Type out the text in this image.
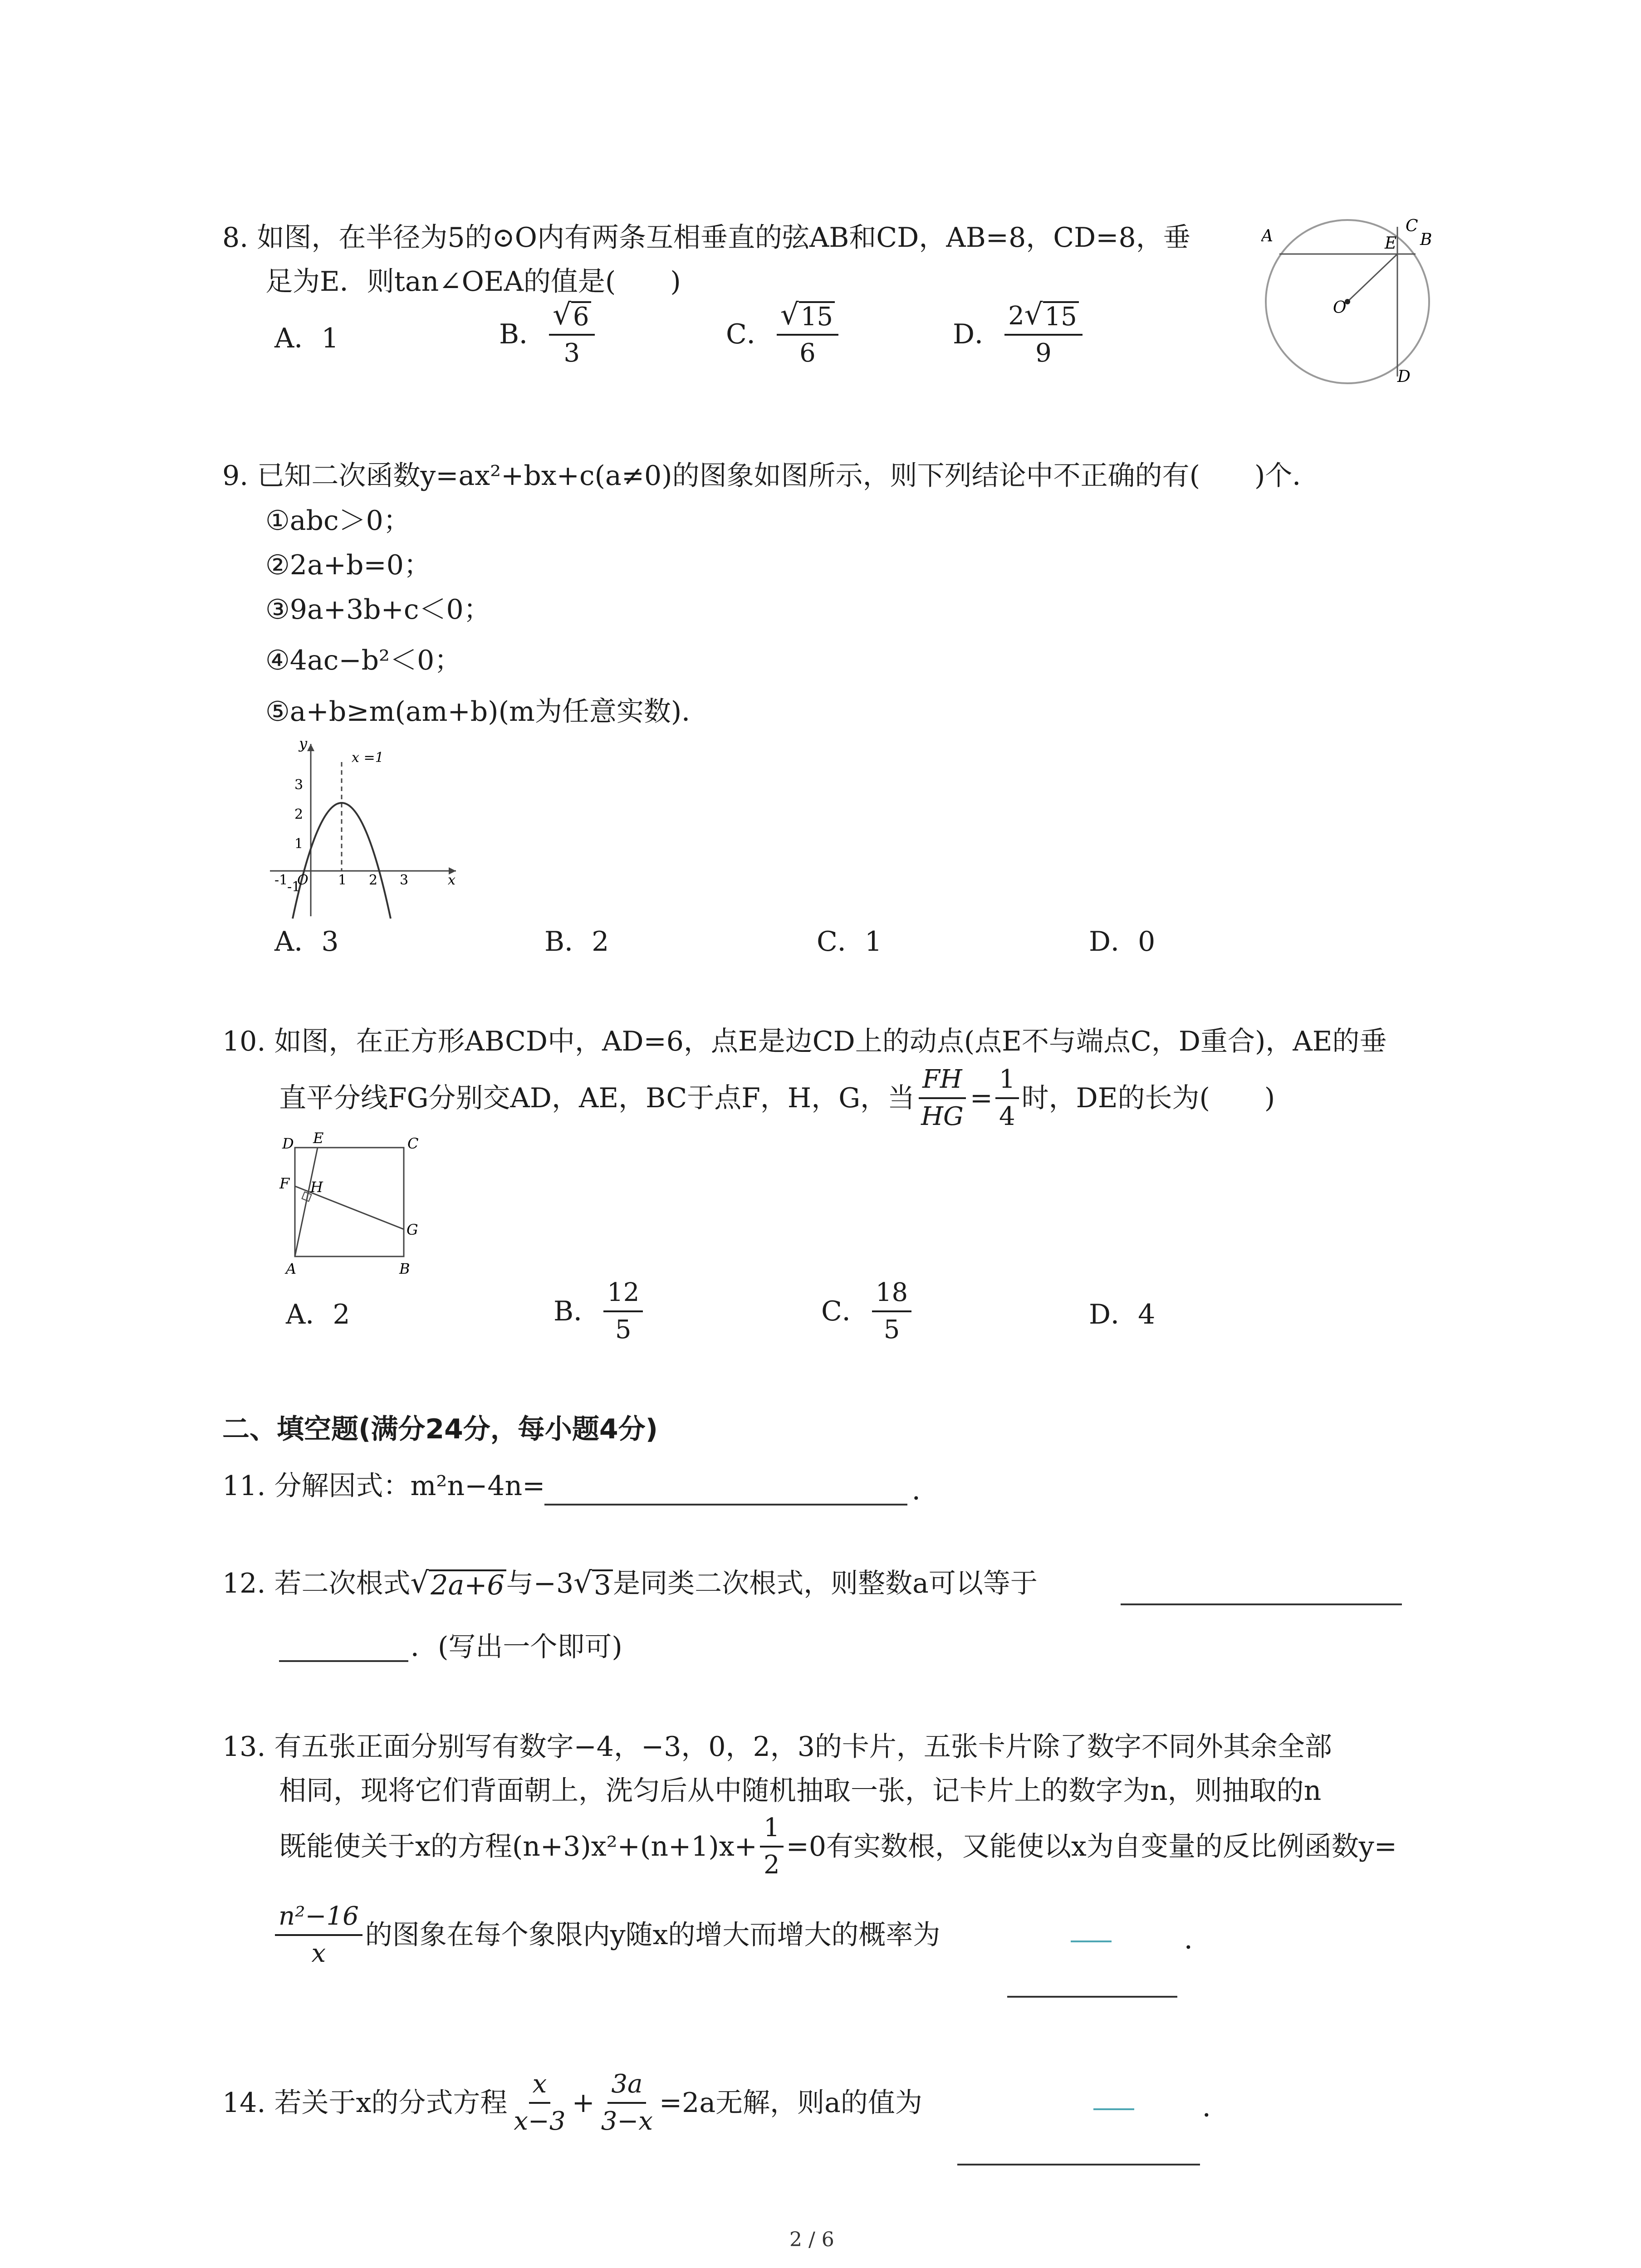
8. 如图，在半径为5的⊙O内有两条互相垂直的弦AB和CD，AB=8，CD=8，垂
足为E．则tan∠OEA的值是(　　)
A．1	B． $\frac{√ 6}{3}$	C． $\frac{√ 15}{6}$	D． $\frac{2 √ 15}{9}$
A	E
C
B
O
D
9. 已知二次函数y=ax²+bx+c(a≠0)的图象如图所示，则下列结论中不正确的有(　　)个．
①abc＞0；
②2a+b=0；
③9a+3b+c＜0；
④4ac−b²＜0；
⑤a+b≥m(am+b)(m为任意实数)．
y
x =1
3
2
1
-1
O
-1	1 2 3	x
A．3	B．2	C．1	D．0
10. 如图，在正方形ABCD中，AD=6，点E是边CD上的动点(点E不与端点C，D重合)，AE的垂
直平分线FG分别交AD，AE，BC于点F，H，G，当 $\frac{FH}{HG} = \frac{1}{4}$ 时，DE的长为(　　)
D E	C
F H
G
A	B
A．2	B． $\frac{12}{5}$	C． $\frac{18}{5}$	D．4
二、填空题(满分24分，每小题4分)
11. 分解因式：m²n−4n=	．
12. 若二次根式 √ 2a+6 与−3 √ 3 是同类二次根式，则整数a可以等于
．(写出一个即可)
13. 有五张正面分别写有数字−4，−3，0，2，3的卡片，五张卡片除了数字不同外其余全部
相同，现将它们背面朝上，洗匀后从中随机抽取一张，记卡片上的数字为n，则抽取的n
既能使关于x的方程$(n+3)x^2+(n+1)x+ \frac{1}{2} =0$有实数根，又能使以x为自变量的反比例函数y=
$\frac{\text{n²−16}}{x}$ 的图象在每个象限内y随x的增大而增大的概率为	．
14. 若关于x的分式方程 $\frac{x}{x-3} + \frac{3a}{3-x} =2a$无解，则a的值为	．
2 / 6
